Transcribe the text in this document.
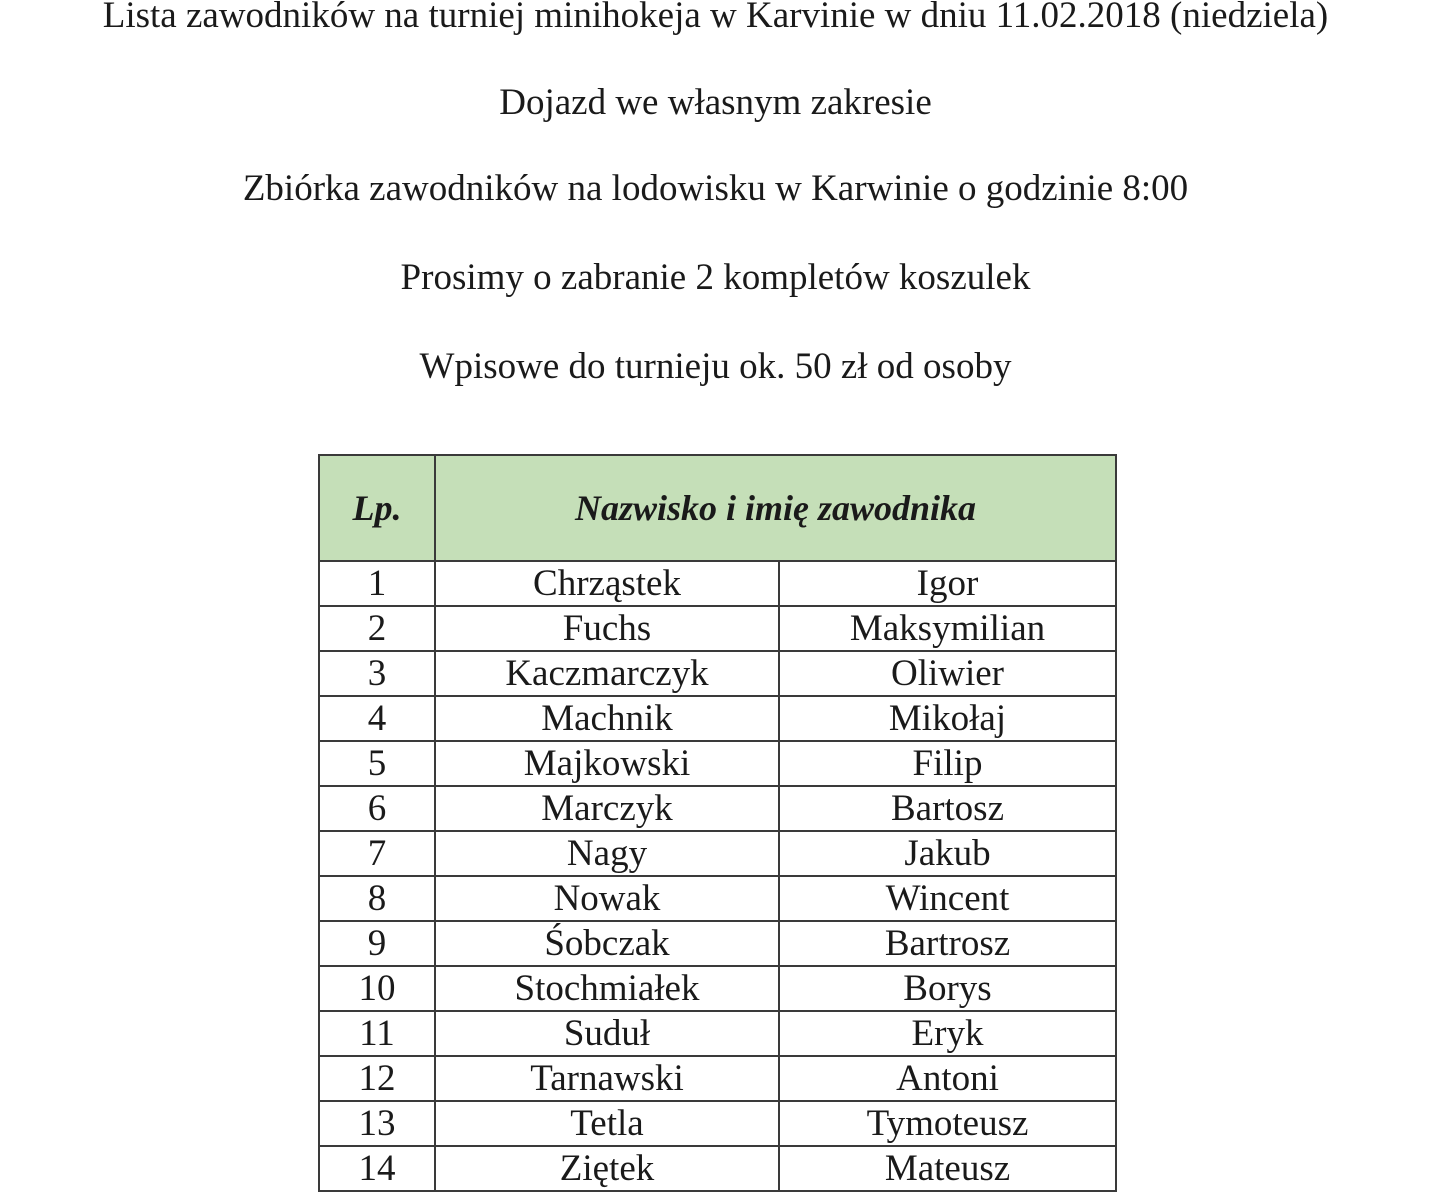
Lista zawodników na turniej minihokeja w Karvinie w dniu 11.02.2018 (niedziela)
Dojazd we własnym zakresie
Zbiórka zawodników na lodowisku w Karwinie o godzinie 8:00
Prosimy o zabranie 2 kompletów koszulek
Wpisowe do turnieju ok. 50 zł od osoby
Lp.	Nazwisko i imię zawodnika	
1	Chrząstek	Igor
2	Fuchs	Maksymilian
3	Kaczmarczyk	Oliwier
4	Machnik	Mikołaj
5	Majkowski	Filip
6	Marczyk	Bartosz
7	Nagy	Jakub
8	Nowak	Wincent
9	Śobczak	Bartrosz
10	Stochmiałek	Borys
11	Suduł	Eryk
12	Tarnawski	Antoni
13	Tetla	Tymoteusz
14	Ziętek	Mateusz
